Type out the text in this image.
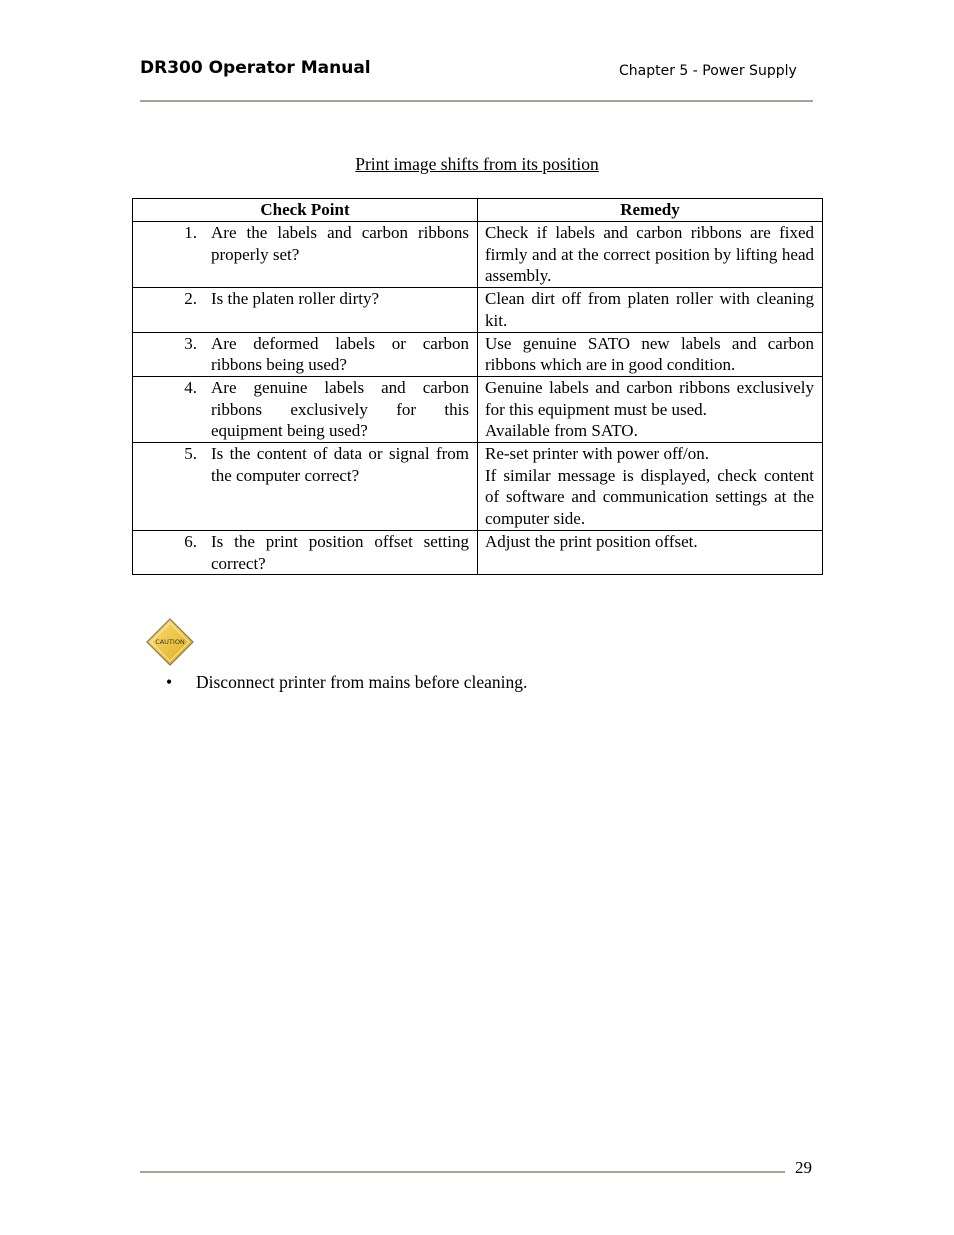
DR300 Operator Manual	Chapter 5 - Power Supply
Print image shifts from its position
Check Point	Remedy

1. Are the labels and carbon ribbons properly set?	Check if labels and carbon ribbons are fixed firmly and at the correct position by lifting head assembly.

2. Is the platen roller dirty?	Clean dirt off from platen roller with cleaning kit.

3. Are deformed labels or carbon ribbons being used?	Use genuine SATO new labels and carbon ribbons which are in good condition.

4. Are genuine labels and carbon ribbons exclusively for this equipment being used?	Genuine labels and carbon ribbons exclusively for this equipment must be used.
Available from SATO.

5. Is the content of data or signal from the computer correct?	Re-set printer with power off/on.
If similar message is displayed, check content of software and communication settings at the computer side.

6. Is the print position offset setting correct?	Adjust the print position offset.
CAUTION
•	Disconnect printer from mains before cleaning.
29
